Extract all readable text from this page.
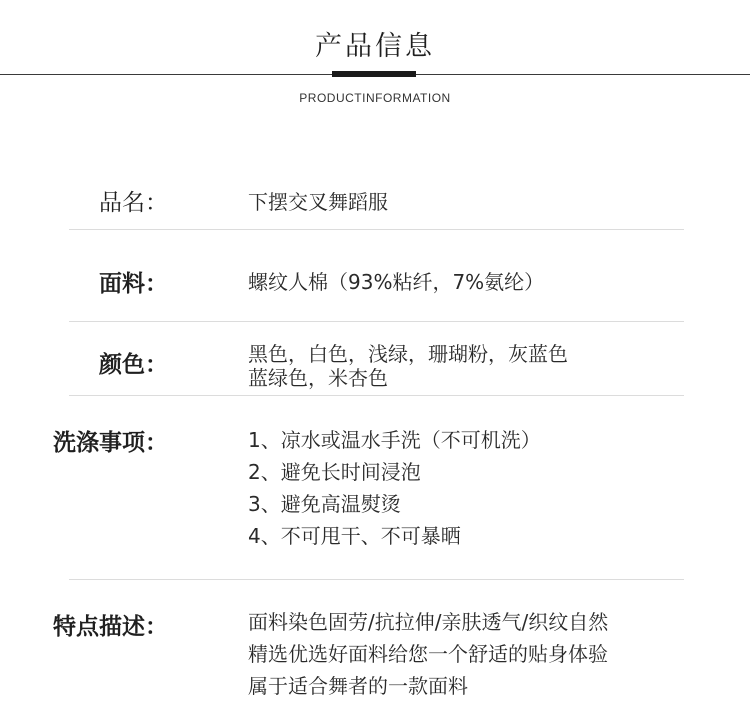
产品信息
PRODUCTINFORMATION
品名：	下摆交叉舞蹈服
面料：	螺纹人棉（93%粘纤，7%氨纶）
颜色：	黑色，白色，浅绿，珊瑚粉，灰蓝色
蓝绿色，米杏色
洗涤事项：	1、凉水或温水手洗（不可机洗）
2、避免长时间浸泡
3、避免高温熨烫
4、不可甩干、不可暴晒
特点描述：	面料染色固劳/抗拉伸/亲肤透气/织纹自然
精选优选好面料给您一个舒适的贴身体验
属于适合舞者的一款面料
